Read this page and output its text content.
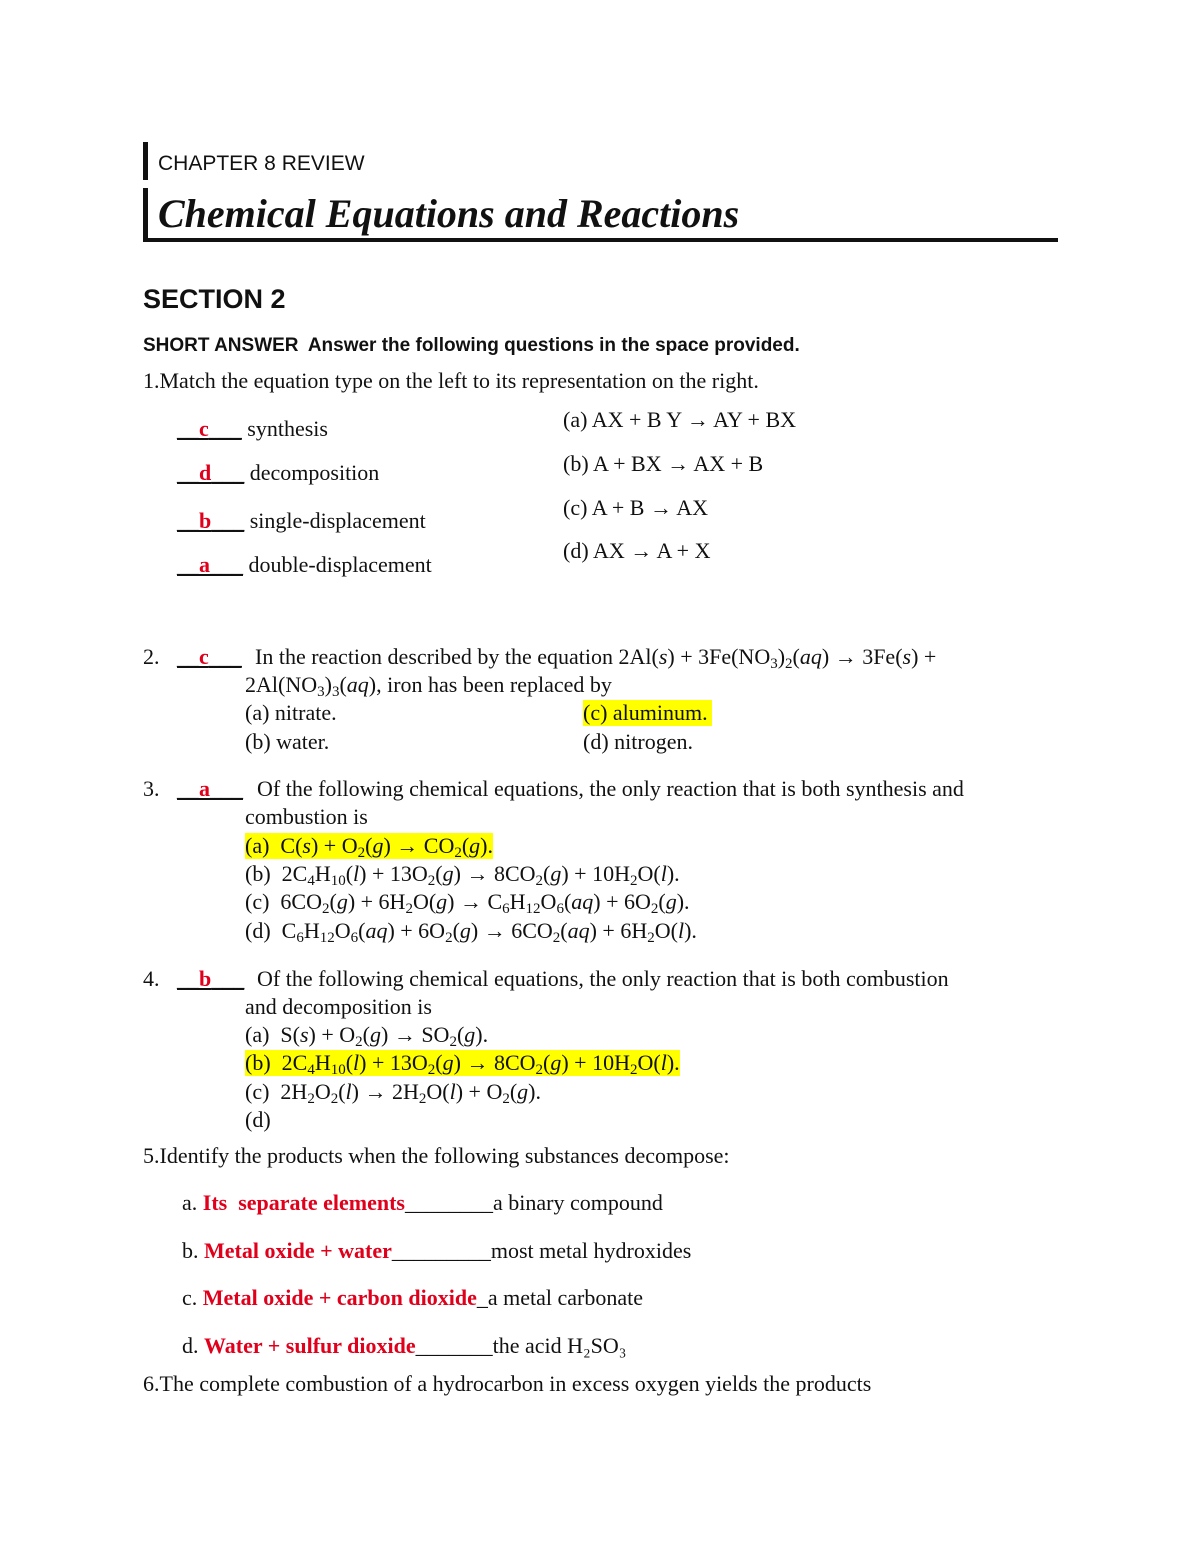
CHAPTER 8 REVIEW
Chemical Equations and Reactions
SECTION 2
SHORT ANSWER Answer the following questions in the space provided.
1.Match the equation type on the left to its representation on the right.
__c___ synthesis
__d___ decomposition
__b___ single-displacement
__a___ double-displacement
(a) AX + B Y → AY + BX
(b) A + BX → AX + B
(c) A + B → AX
(d) AX → A + X
2. __c___ In the reaction described by the equation $2Al(s) + 3Fe(NO_3)_2(aq) \to 3Fe(s)$ +
$2Al(NO_3)_3(aq)$, iron has been replaced by
(a) nitrate.
(b) water.
(c) aluminum.
(d) nitrogen.
3. __a___ Of the following chemical equations, the only reaction that is both synthesis and
combustion is
(a)  $C(s) + O_2(g) \to CO_2(g)$.
(b)  $2C_4H_{10}(l) + 13O_2(g) \to 8CO_2(g) + 10H_2O(l)$.
(c)  $6CO_2(g) + 6H_2O(g) \to C_6H_{12}O_6(aq) + 6O_2(g)$.
(d)  $C_6H_{12}O_6(aq) + 6O_2(g) \to 6CO_2(aq) + 6H_2O(l)$.
4. __b___ Of the following chemical equations, the only reaction that is both combustion
and decomposition is
(a)  $S(s) + O_2(g) \to SO_2(g)$.
(b)  $2C_4H_{10}(l) + 13O_2(g) \to 8CO_2(g) + 10H_2O(l)$.
(c)  $2H_2O_2(l) \to 2H_2O(l) + O_2(g)$.
(d)
5.Identify the products when the following substances decompose:
a. Its  separate elements________a binary compound
b. Metal oxide + water_________most metal hydroxides
c. Metal oxide + carbon dioxide_a metal carbonate
d. Water + sulfur dioxide_______the acid H₂SO₃
6.The complete combustion of a hydrocarbon in excess oxygen yields the products
